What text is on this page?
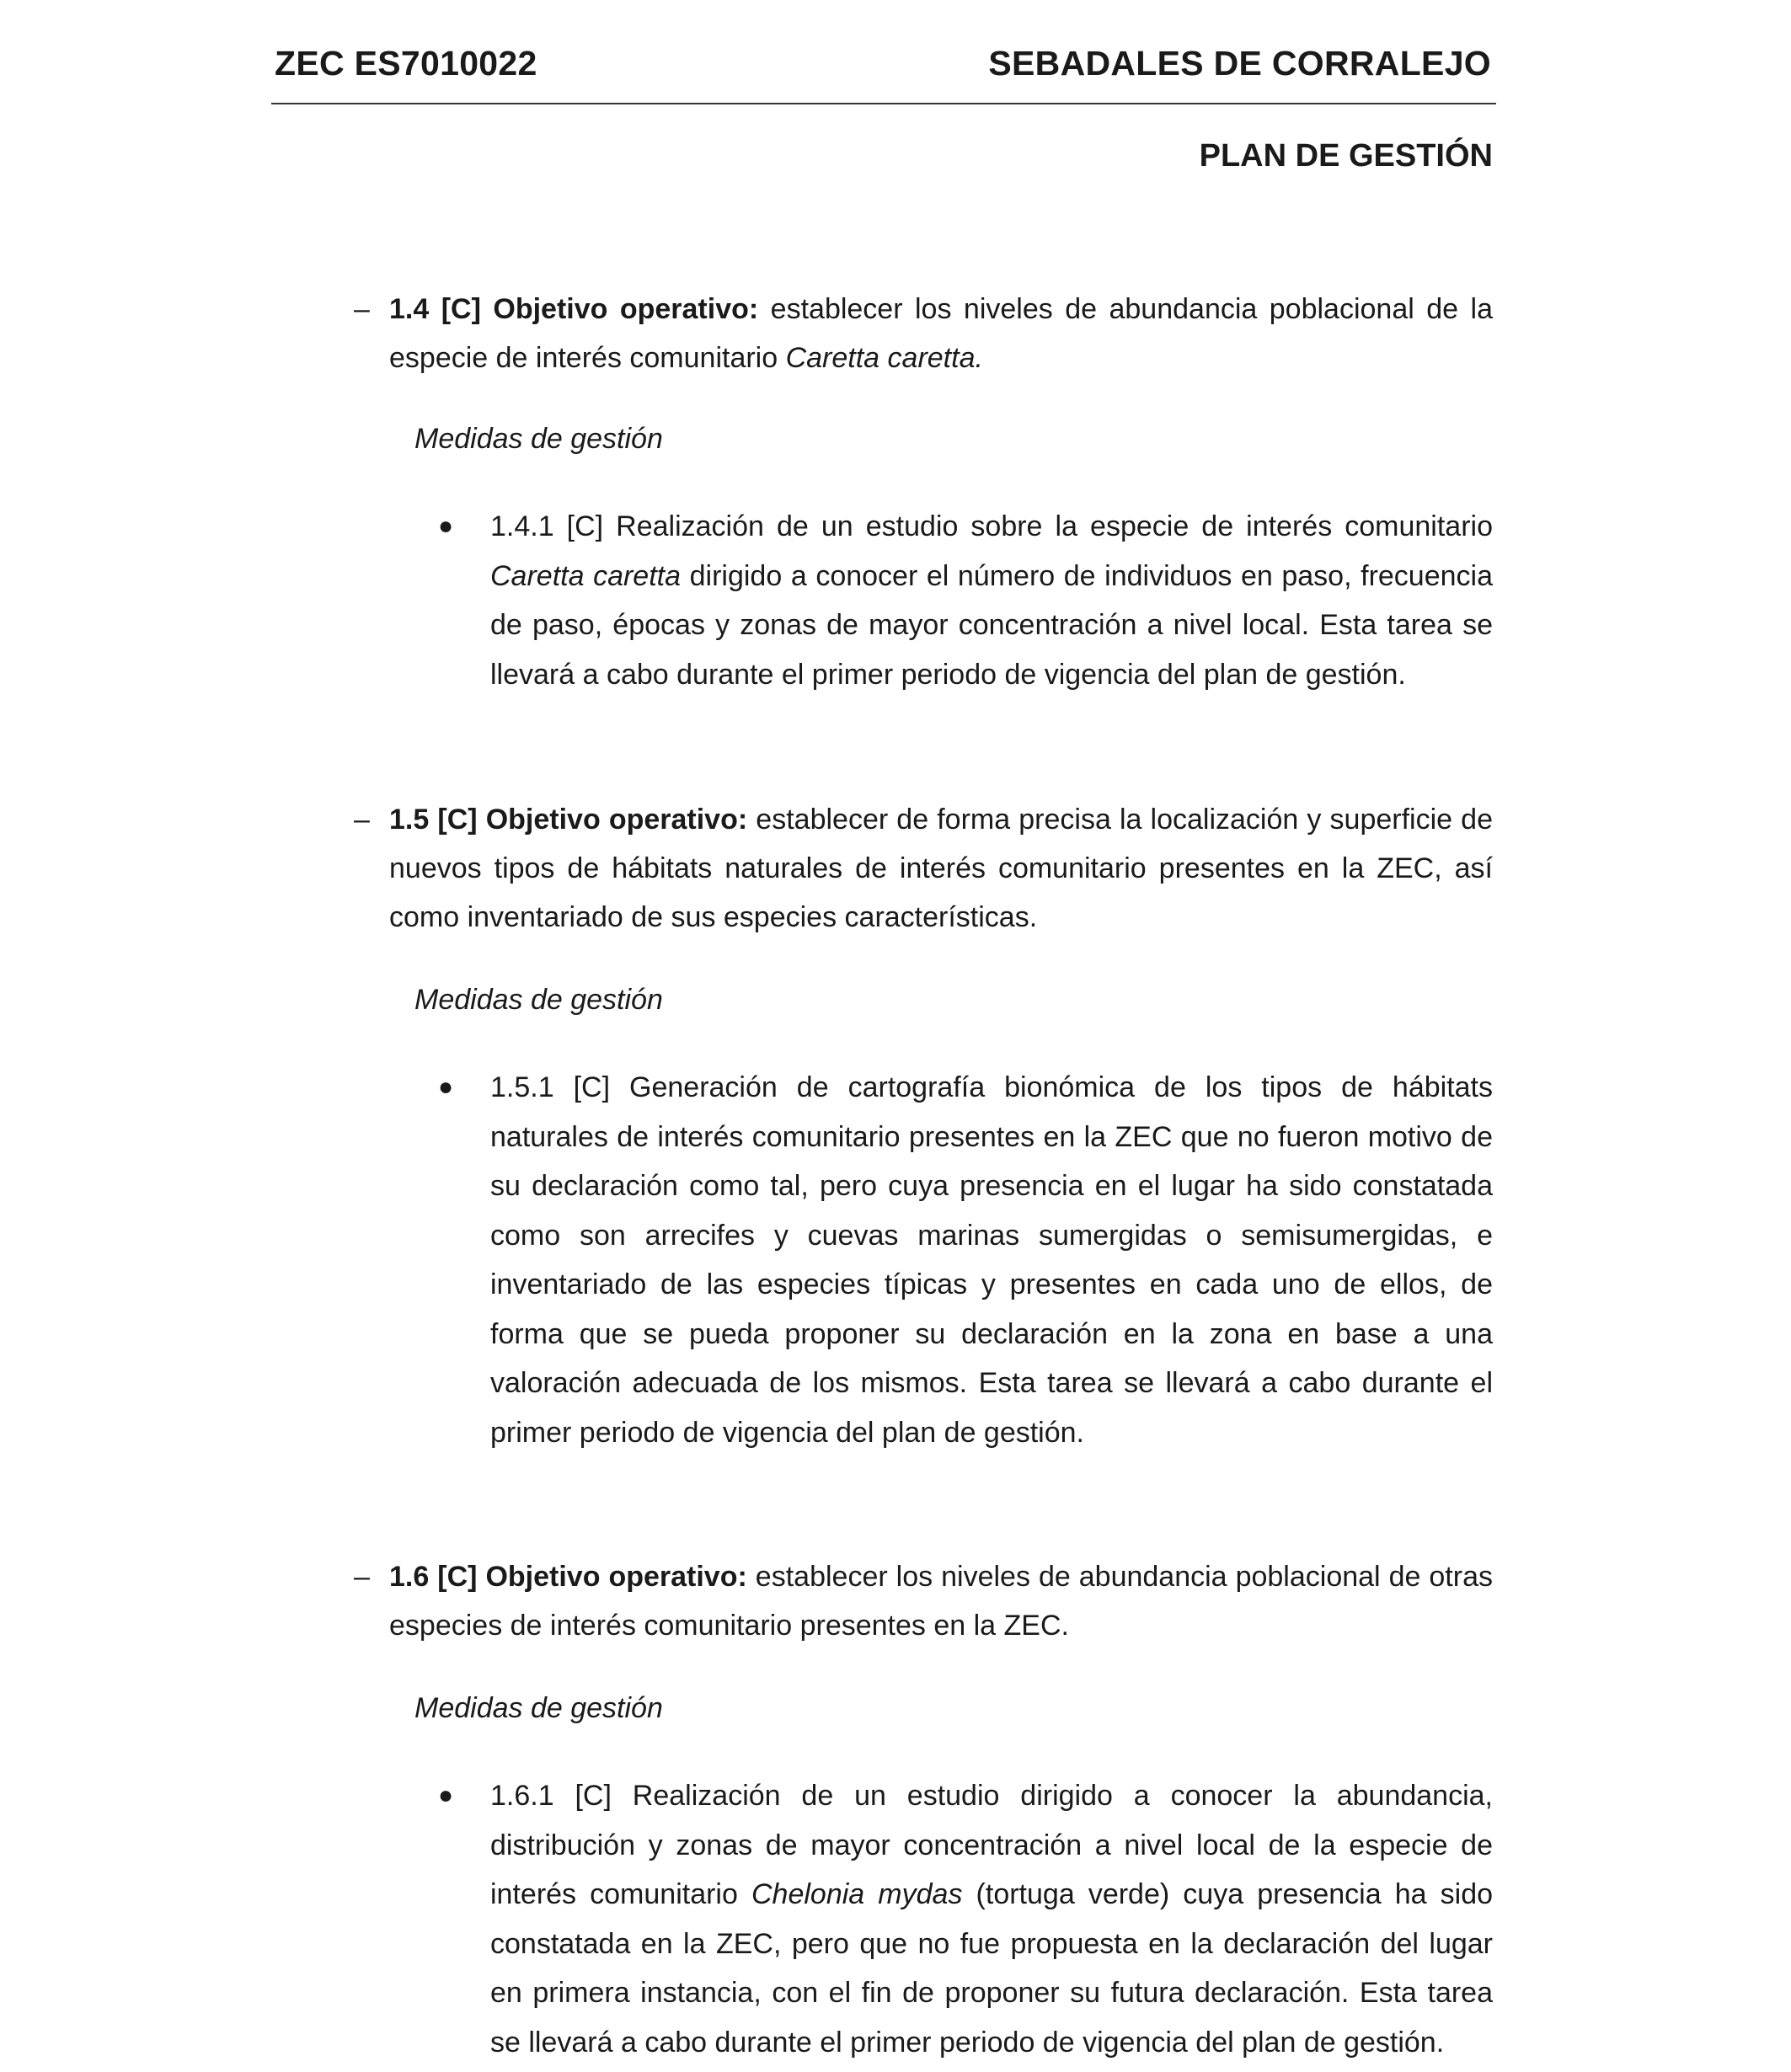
ZEC ES7010022	SEBADALES DE CORRALEJO
PLAN DE GESTIÓN
– 1.4 [C] Objetivo operativo: establecer los niveles de abundancia poblacional de la especie de interés comunitario Caretta caretta.
Medidas de gestión
● 1.4.1 [C] Realización de un estudio sobre la especie de interés comunitario Caretta caretta dirigido a conocer el número de individuos en paso, frecuencia de paso, épocas y zonas de mayor concentración a nivel local. Esta tarea se llevará a cabo durante el primer periodo de vigencia del plan de gestión.
– 1.5 [C] Objetivo operativo: establecer de forma precisa la localización y superficie de nuevos tipos de hábitats naturales de interés comunitario presentes en la ZEC, así como inventariado de sus especies características.
Medidas de gestión
● 1.5.1 [C] Generación de cartografía bionómica de los tipos de hábitats naturales de interés comunitario presentes en la ZEC que no fueron motivo de su declaración como tal, pero cuya presencia en el lugar ha sido constatada como son arrecifes y cuevas marinas sumergidas o semisumergidas, e inventariado de las especies típicas y presentes en cada uno de ellos, de forma que se pueda proponer su declaración en la zona en base a una valoración adecuada de los mismos. Esta tarea se llevará a cabo durante el primer periodo de vigencia del plan de gestión.
– 1.6 [C] Objetivo operativo: establecer los niveles de abundancia poblacional de otras especies de interés comunitario presentes en la ZEC.
Medidas de gestión
● 1.6.1 [C] Realización de un estudio dirigido a conocer la abundancia, distribución y zonas de mayor concentración a nivel local de la especie de interés comunitario Chelonia mydas (tortuga verde) cuya presencia ha sido constatada en la ZEC, pero que no fue propuesta en la declaración del lugar en primera instancia, con el fin de proponer su futura declaración. Esta tarea se llevará a cabo durante el primer periodo de vigencia del plan de gestión.
